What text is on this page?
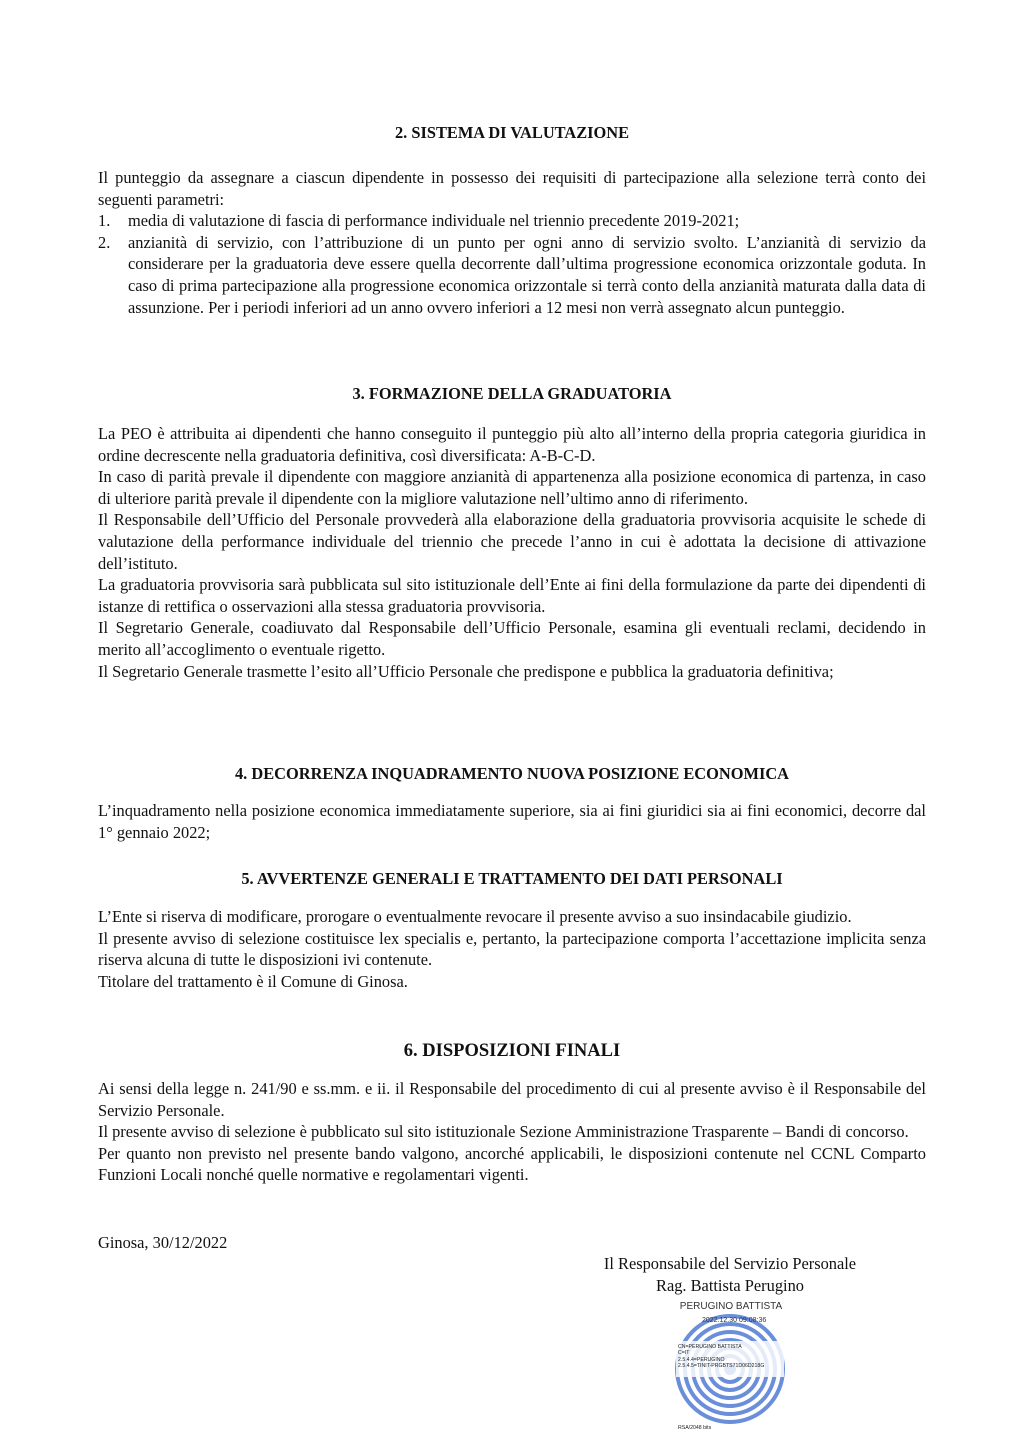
2. SISTEMA DI VALUTAZIONE

Il punteggio da assegnare a ciascun dipendente in possesso dei requisiti di partecipazione alla selezione terrà conto dei seguenti parametri:

1. media di valutazione di fascia di performance individuale nel triennio precedente 2019-2021;
2. anzianità di servizio, con l’attribuzione di un punto per ogni anno di servizio svolto. L’anzianità di servizio da considerare per la graduatoria deve essere quella decorrente dall’ultima progressione economica orizzontale goduta. In caso di prima partecipazione alla progressione economica orizzontale si terrà conto della anzianità maturata dalla data di assunzione. Per i periodi inferiori ad un anno ovvero inferiori a 12 mesi non verrà assegnato alcun punteggio.
3. FORMAZIONE DELLA GRADUATORIA

La PEO è attribuita ai dipendenti che hanno conseguito il punteggio più alto all’interno della propria categoria giuridica in ordine decrescente nella graduatoria definitiva, così diversificata: A-B-C-D.

In caso di parità prevale il dipendente con maggiore anzianità di appartenenza alla posizione economica di partenza, in caso di ulteriore parità prevale il dipendente con la migliore valutazione nell’ultimo anno di riferimento.

Il Responsabile dell’Ufficio del Personale provvederà alla elaborazione della graduatoria provvisoria acquisite le schede di valutazione della performance individuale del triennio che precede l’anno in cui è adottata la decisione di attivazione dell’istituto.

La graduatoria provvisoria sarà pubblicata sul sito istituzionale dell’Ente ai fini della formulazione da parte dei dipendenti di istanze di rettifica o osservazioni alla stessa graduatoria provvisoria.

Il Segretario Generale, coadiuvato dal Responsabile dell’Ufficio Personale, esamina gli eventuali reclami, decidendo in merito all’accoglimento o eventuale rigetto.

Il Segretario Generale trasmette l’esito all’Ufficio Personale che predispone e pubblica la graduatoria definitiva;

4. DECORRENZA INQUADRAMENTO NUOVA POSIZIONE ECONOMICA

L’inquadramento nella posizione economica immediatamente superiore, sia ai fini giuridici sia ai fini economici, decorre dal 1° gennaio 2022;

5. AVVERTENZE GENERALI E TRATTAMENTO DEI DATI PERSONALI

L’Ente si riserva di modificare, prorogare o eventualmente revocare il presente avviso a suo insindacabile giudizio.

Il presente avviso di selezione costituisce lex specialis e, pertanto, la partecipazione comporta l’accettazione implicita senza riserva alcuna di tutte le disposizioni ivi contenute.

Titolare del trattamento è il Comune di Ginosa.

6. DISPOSIZIONI FINALI

Ai sensi della legge n. 241/90 e ss.mm. e ii. il Responsabile del procedimento di cui al presente avviso è il Responsabile del Servizio Personale.

Il presente avviso di selezione è pubblicato sul sito istituzionale Sezione Amministrazione Trasparente – Bandi di concorso.

Per quanto non previsto nel presente bando valgono, ancorché applicabili, le disposizioni contenute nel CCNL Comparto Funzioni Locali nonché quelle normative e regolamentari vigenti.

Ginosa, 30/12/2022

Il Responsabile del Servizio Personale
Rag. Battista Perugino
PERUGINO BATTISTA
2022.12.30 09:08:36
CN=PERUGINO BATTISTA
C=IT
2.5.4.4=PERUGINO
2.5.4.5=TINIT-PRGBTS71D06D218G
RSA/2048 bits
